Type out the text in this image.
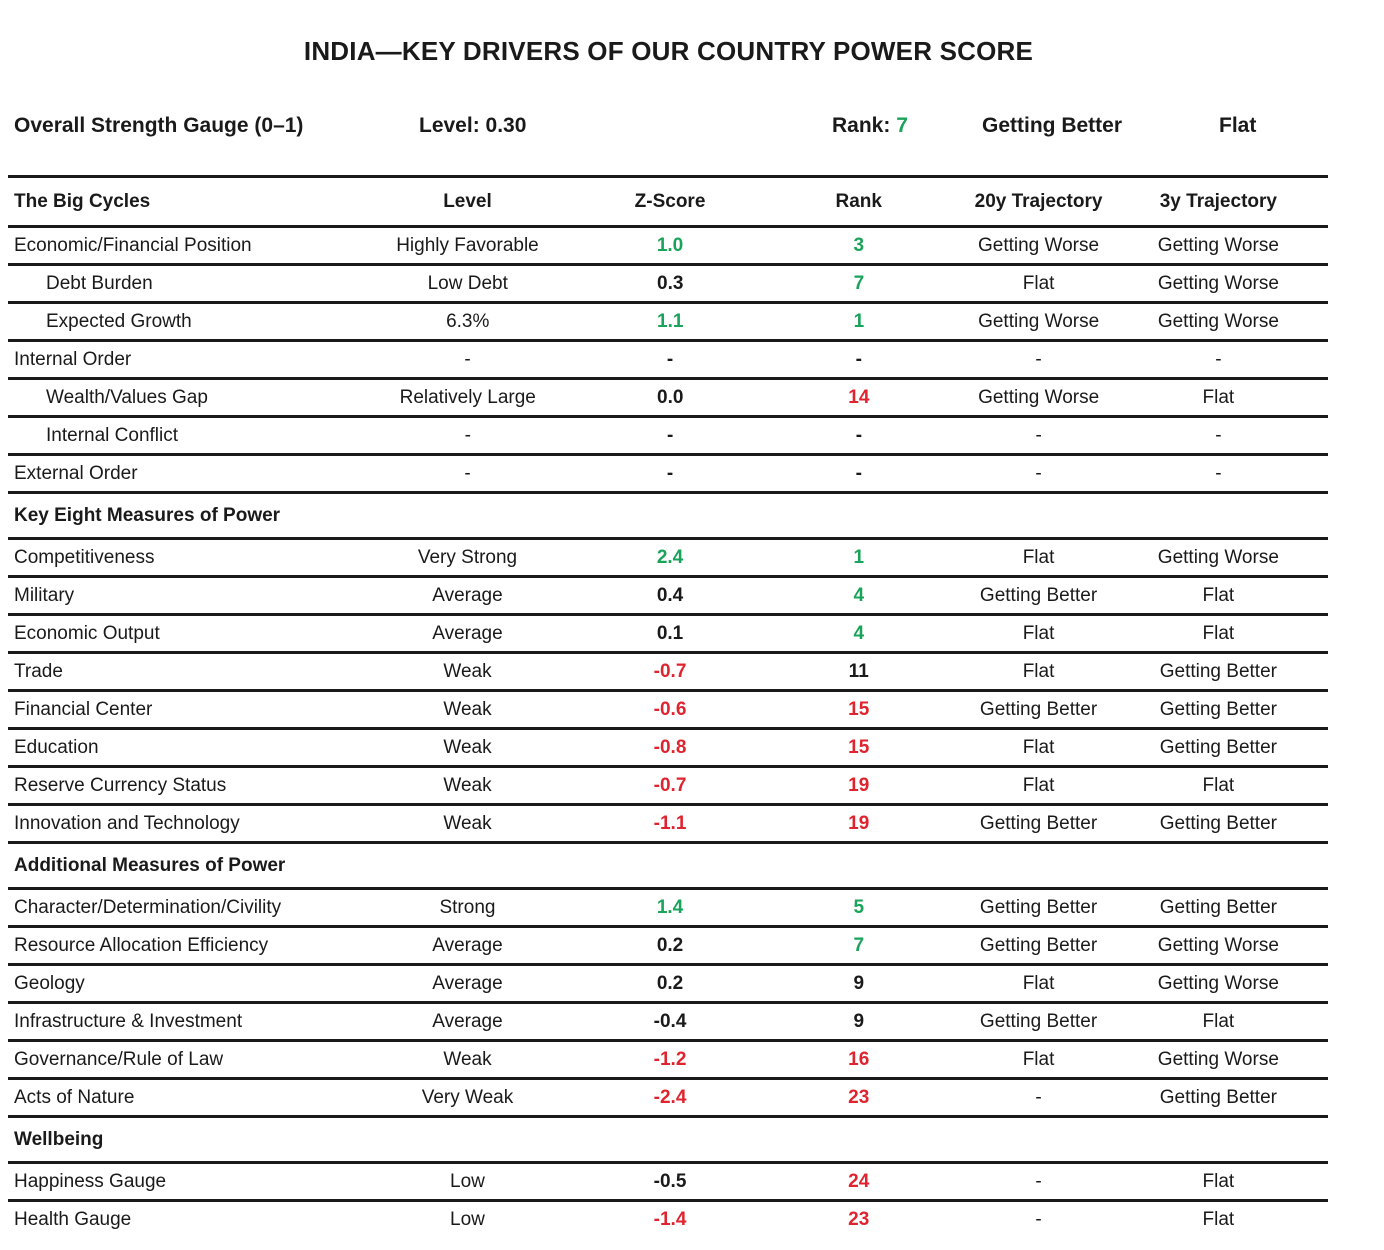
INDIA—KEY DRIVERS OF OUR COUNTRY POWER SCORE
Overall Strength Gauge (0–1)	Level: 0.30	Rank: 7	Getting Better	Flat
The Big Cycles	Level	Z-Score	Rank	20y Trajectory	3y Trajectory
Economic/Financial Position	Highly Favorable	1.0	3	Getting Worse	Getting Worse
Debt Burden	Low Debt	0.3	7	Flat	Getting Worse
Expected Growth	6.3%	1.1	1	Getting Worse	Getting Worse
Internal Order	-	-	-	-	-
Wealth/Values Gap	Relatively Large	0.0	14	Getting Worse	Flat
Internal Conflict	-	-	-	-	-
External Order	-	-	-	-	-
Key Eight Measures of Power
Competitiveness	Very Strong	2.4	1	Flat	Getting Worse
Military	Average	0.4	4	Getting Better	Flat
Economic Output	Average	0.1	4	Flat	Flat
Trade	Weak	-0.7	11	Flat	Getting Better
Financial Center	Weak	-0.6	15	Getting Better	Getting Better
Education	Weak	-0.8	15	Flat	Getting Better
Reserve Currency Status	Weak	-0.7	19	Flat	Flat
Innovation and Technology	Weak	-1.1	19	Getting Better	Getting Better
Additional Measures of Power
Character/Determination/Civility	Strong	1.4	5	Getting Better	Getting Better
Resource Allocation Efficiency	Average	0.2	7	Getting Better	Getting Worse
Geology	Average	0.2	9	Flat	Getting Worse
Infrastructure & Investment	Average	-0.4	9	Getting Better	Flat
Governance/Rule of Law	Weak	-1.2	16	Flat	Getting Worse
Acts of Nature	Very Weak	-2.4	23	-	Getting Better
Wellbeing
Happiness Gauge	Low	-0.5	24	-	Flat
Health Gauge	Low	-1.4	23	-	Flat
